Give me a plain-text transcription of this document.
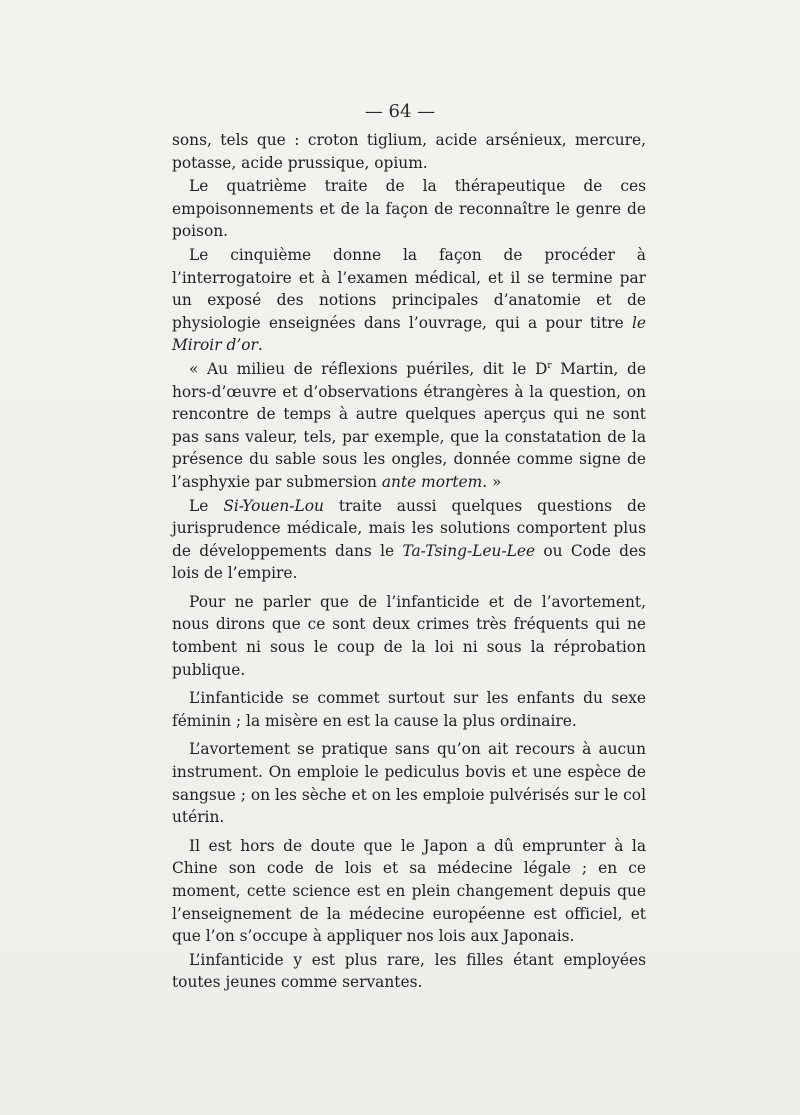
— 64 —

sons, tels que : croton tiglium, acide arsénieux, mercure, potasse, acide prussique, opium.

Le quatrième traite de la thérapeutique de ces empoisonnements et de la façon de reconnaître le genre de poison.

Le cinquième donne la façon de procéder à l’interrogatoire et à l’examen médical, et il se termine par un exposé des notions principales d’anatomie et de physiologie enseignées dans l’ouvrage, qui a pour titre le Miroir d’or.

« Au milieu de réflexions puériles, dit le $D^r$ Martin, de hors-d’œuvre et d’observations étrangères à la question, on rencontre de temps à autre quelques aperçus qui ne sont pas sans valeur, tels, par exemple, que la constatation de la présence du sable sous les ongles, donnée comme signe de l’asphyxie par submersion ante mortem. »

Le Si-Youen-Lou traite aussi quelques questions de jurisprudence médicale, mais les solutions comportent plus de développements dans le Ta-Tsing-Leu-Lee ou Code des lois de l’empire.

Pour ne parler que de l’infanticide et de l’avortement, nous dirons que ce sont deux crimes très fréquents qui ne tombent ni sous le coup de la loi ni sous la réprobation publique.

L’infanticide se commet surtout sur les enfants du sexe féminin ; la misère en est la cause la plus ordinaire.

L’avortement se pratique sans qu’on ait recours à aucun instrument. On emploie le pediculus bovis et une espèce de sangsue ; on les sèche et on les emploie pulvérisés sur le col utérin.

Il est hors de doute que le Japon a dû emprunter à la Chine son code de lois et sa médecine légale ; en ce moment, cette science est en plein changement depuis que l’enseignement de la médecine européenne est officiel, et que l’on s’occupe à appliquer nos lois aux Japonais.

L’infanticide y est plus rare, les filles étant employées toutes jeunes comme servantes.
